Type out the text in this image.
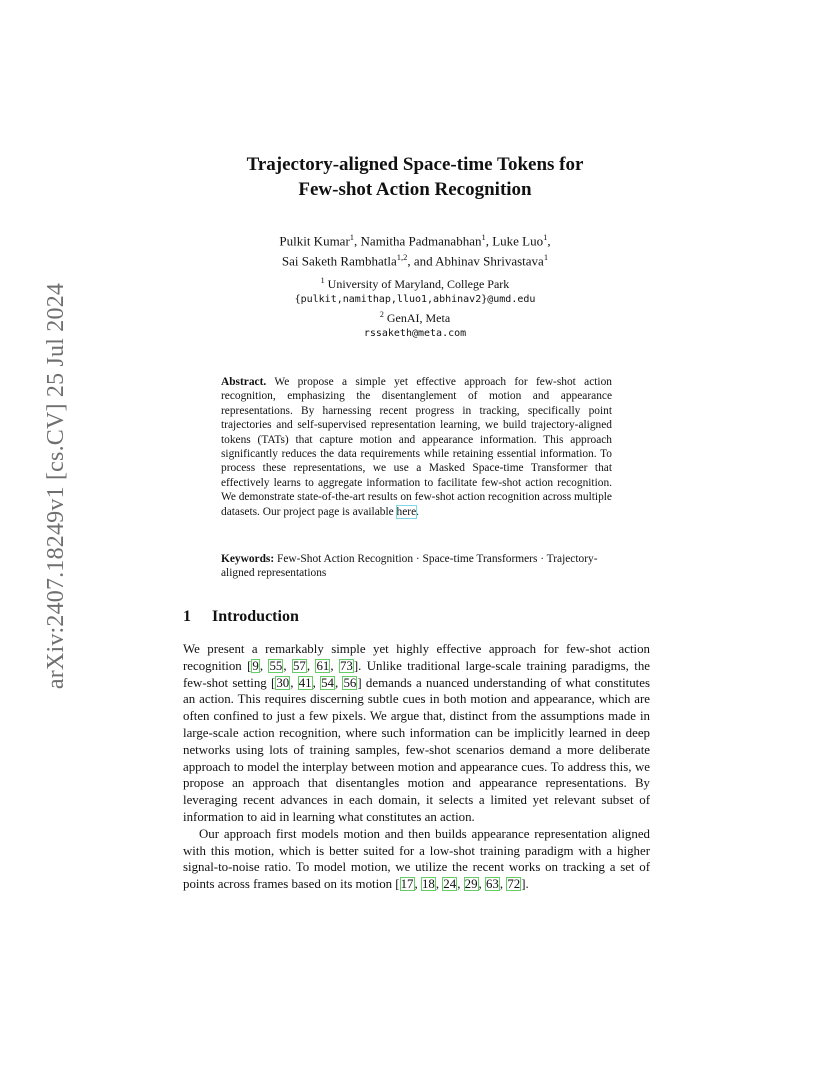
arXiv:2407.18249v1 [cs.CV] 25 Jul 2024
Trajectory-aligned Space-time Tokens for
Few-shot Action Recognition
Pulkit Kumar$^1$, Namitha Padmanabhan$^1$, Luke Luo$^1$,
Sai Saketh Rambhatla$^{1,2}$, and Abhinav Shrivastava$^1$
$^1$ University of Maryland, College Park
{pulkit,namithap,lluo1,abhinav2}@umd.edu
$^2$ GenAI, Meta
rssaketh@meta.com
Abstract. We propose a simple yet effective approach for few-shot action recognition, emphasizing the disentanglement of motion and appearance representations. By harnessing recent progress in tracking, specifically point trajectories and self-supervised representation learning, we build trajectory-aligned tokens (TATs) that capture motion and appearance information. This approach significantly reduces the data requirements while retaining essential information. To process these representations, we use a Masked Space-time Transformer that effectively learns to aggregate information to facilitate few-shot action recognition. We demonstrate state-of-the-art results on few-shot action recognition across multiple datasets. Our project page is available here.
Keywords: Few-Shot Action Recognition · Space-time Transformers · Trajectory-aligned representations
1 Introduction

We present a remarkably simple yet highly effective approach for few-shot action recognition [9, 55, 57, 61, 73]. Unlike traditional large-scale training paradigms, the few-shot setting [30, 41, 54, 56] demands a nuanced understanding of what constitutes an action. This requires discerning subtle cues in both motion and appearance, which are often confined to just a few pixels. We argue that, distinct from the assumptions made in large-scale action recognition, where such information can be implicitly learned in deep networks using lots of training samples, few-shot scenarios demand a more deliberate approach to model the interplay between motion and appearance cues. To address this, we propose an approach that disentangles motion and appearance representations. By leveraging recent advances in each domain, it selects a limited yet relevant subset of information to aid in learning what constitutes an action.

Our approach first models motion and then builds appearance representation aligned with this motion, which is better suited for a low-shot training paradigm with a higher signal-to-noise ratio. To model motion, we utilize the recent works on tracking a set of points across frames based on its motion [17, 18, 24, 29, 63, 72].
